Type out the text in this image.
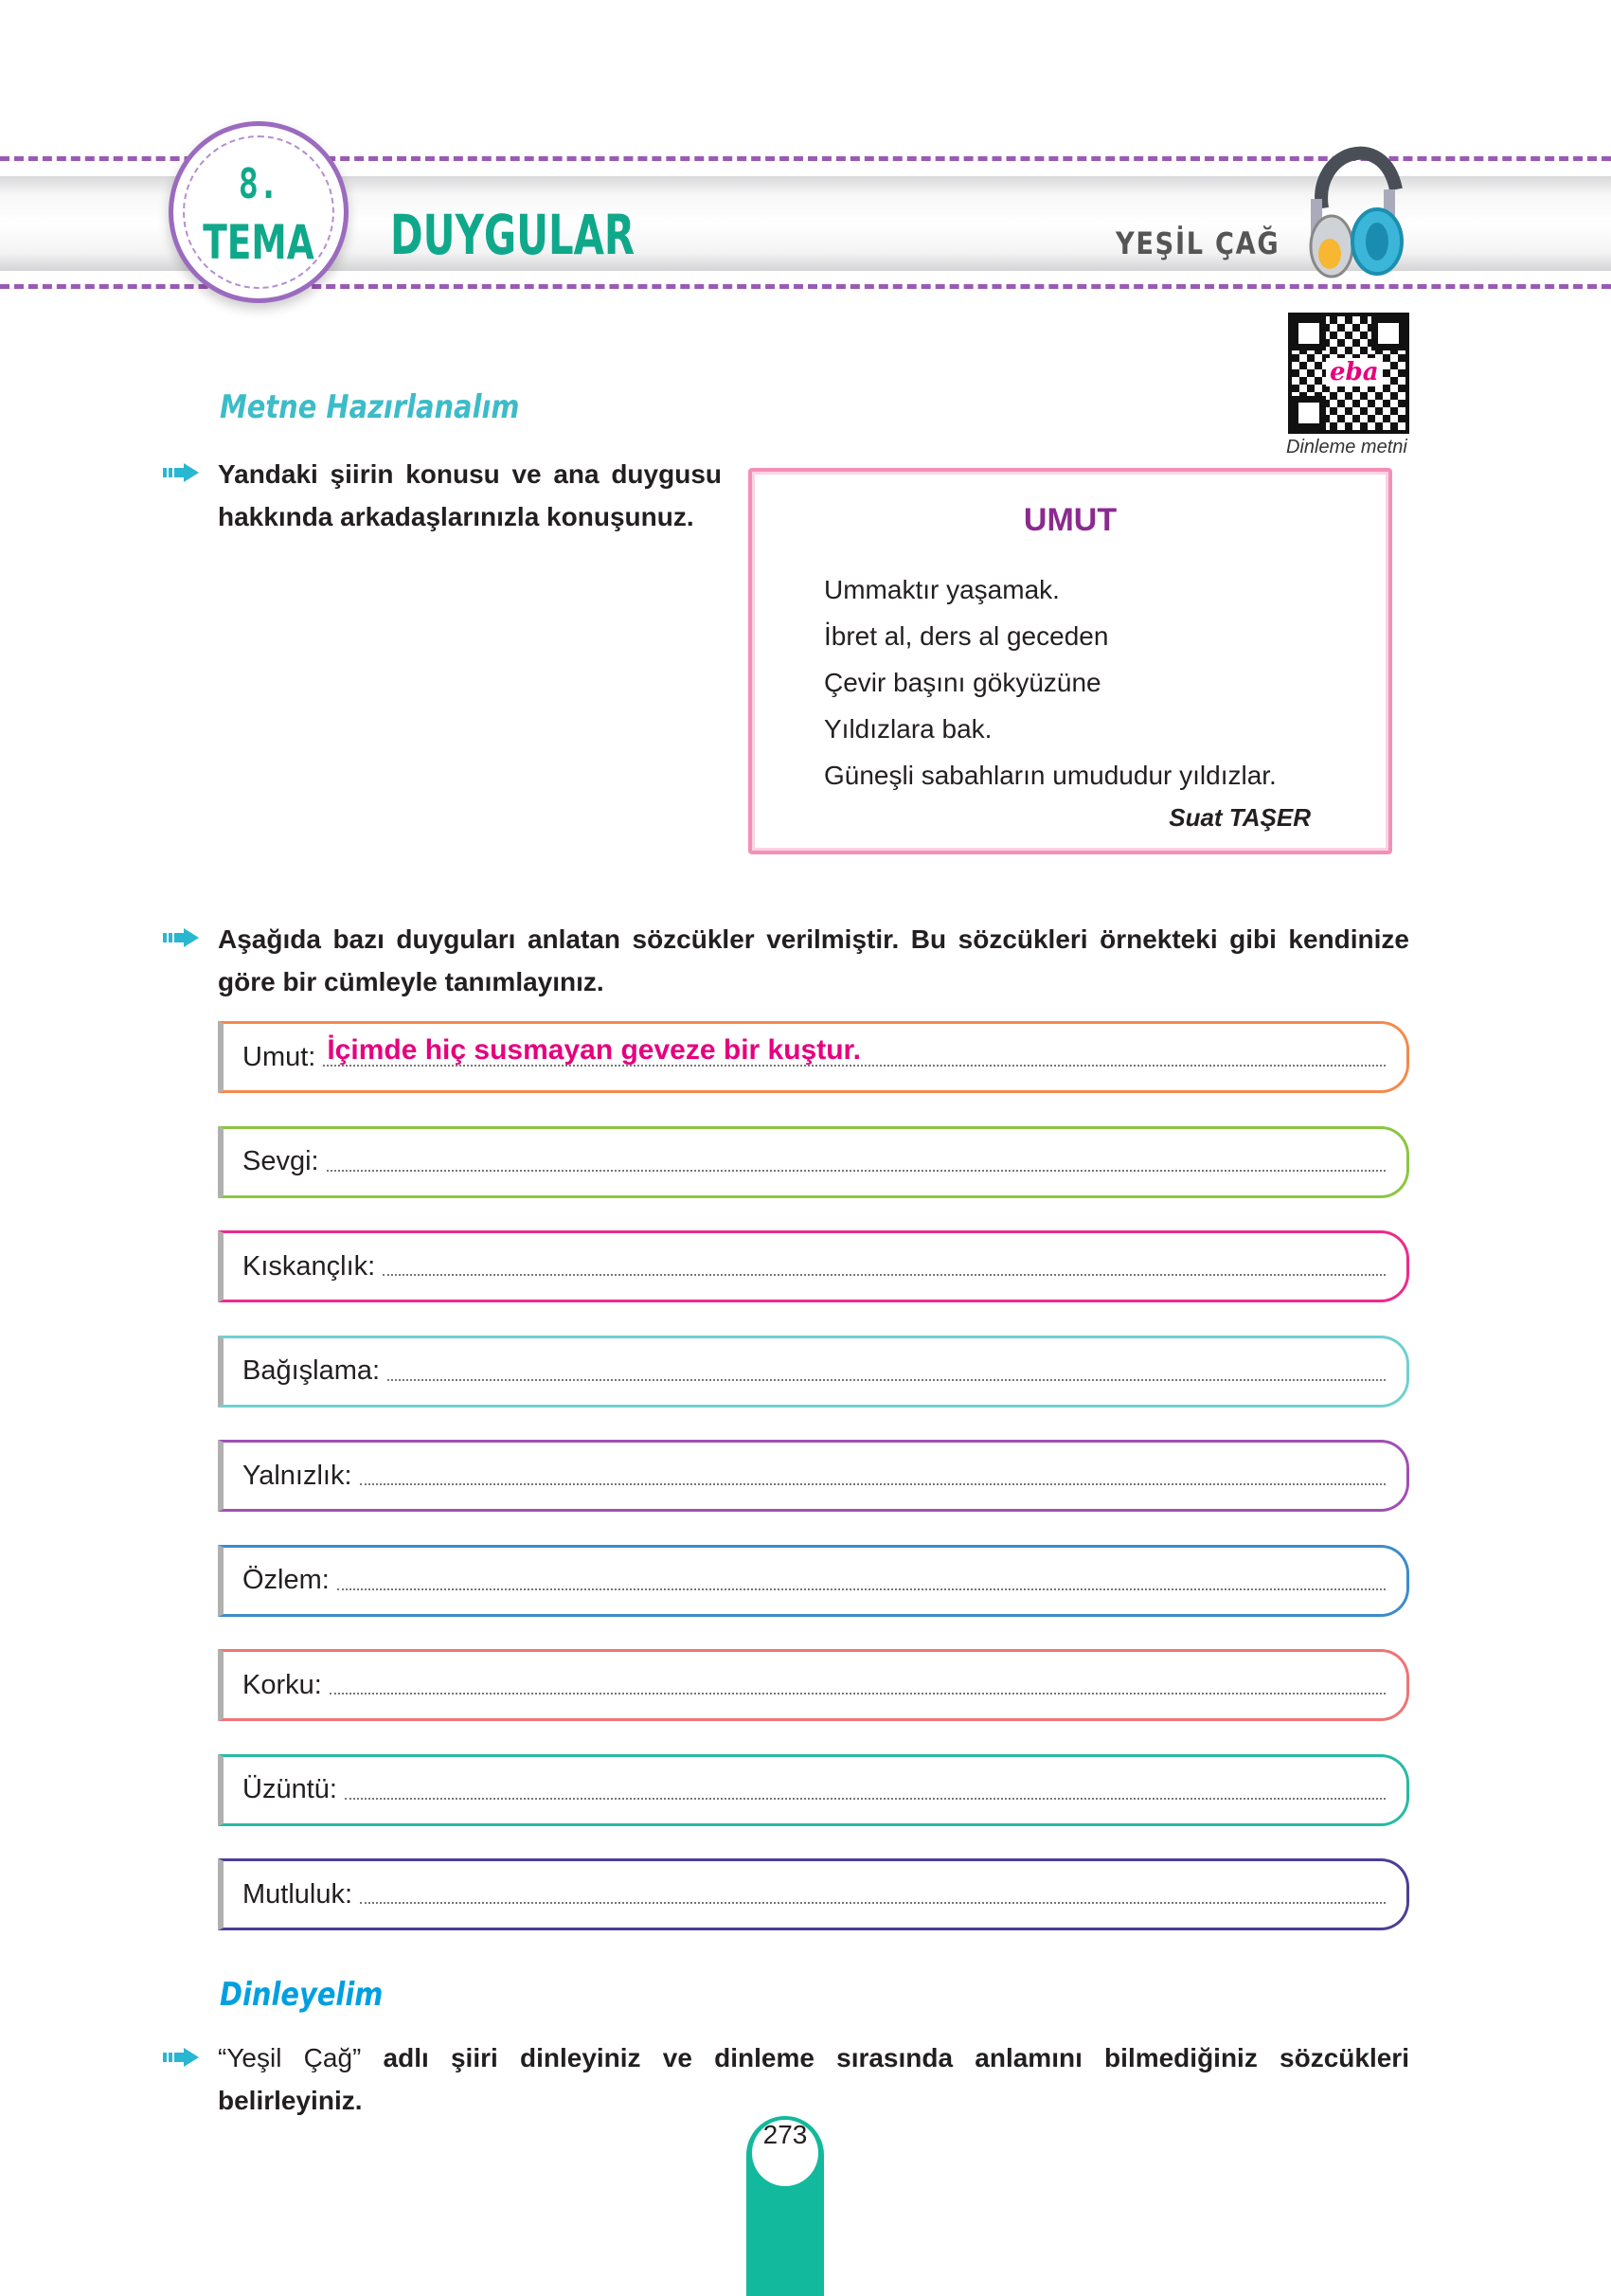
8.
TEMA DUYGULAR	YEŞİL ÇAĞ
eba
Dinleme metni
Metne Hazırlanalım
Yandaki şiirin konusu ve ana duygusu hakkında arkadaşlarınızla konuşunuz.	UMUT
Ummaktır yaşamak.
İbret al, ders al geceden
Çevir başını gökyüzüne
Yıldızlara bak.
Güneşli sabahların umududur yıldızlar.
Suat TAŞER
Aşağıda bazı duyguları anlatan sözcükler verilmiştir. Bu sözcükleri örnekteki gibi kendinize göre bir cümleyle tanımlayınız.
Umut: İçimde hiç susmayan geveze bir kuştur.
Sevgi:
Kıskançlık:
Bağışlama:
Yalnızlık:
Özlem:
Korku:
Üzüntü:
Mutluluk:
Dinleyelim
“Yeşil Çağ” adlı şiiri dinleyiniz ve dinleme sırasında anlamını bilmediğiniz sözcükleri belirleyiniz.
273
